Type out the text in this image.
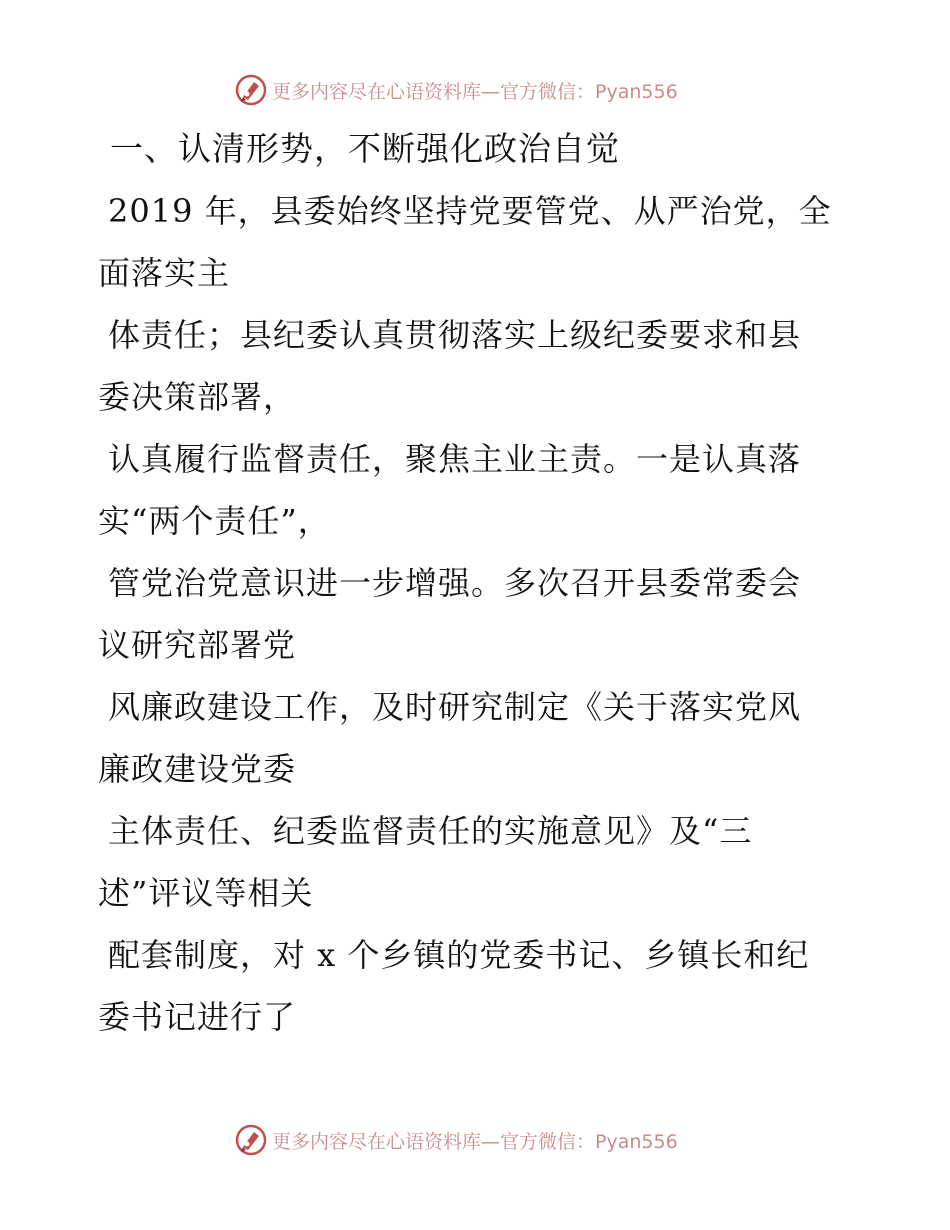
更多内容尽在心语资料库—官方微信：Pyan556
一、认清形势，不断强化政治自觉

2019 年，县委始终坚持党要管党、从严治党，全
面落实主

体责任；县纪委认真贯彻落实上级纪委要求和县
委决策部署，

认真履行监督责任，聚焦主业主责。一是认真落
实“两个责任”，

管党治党意识进一步增强。多次召开县委常委会
议研究部署党

风廉政建设工作，及时研究制定《关于落实党风
廉政建设党委

主体责任、纪委监督责任的实施意见》及“三
述”评议等相关

配套制度，对 x 个乡镇的党委书记、乡镇长和纪
委书记进行了

更多内容尽在心语资料库—官方微信：Pyan556
